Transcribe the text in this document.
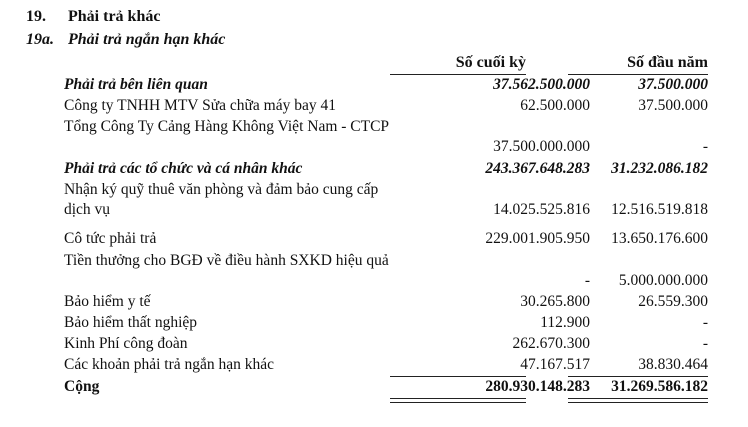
19. Phải trả khác
19a. Phải trả ngắn hạn khác
Số cuối kỳ	Số đầu năm
Phải trả bên liên quan	37.562.500.000	37.500.000
Công ty TNHH MTV Sửa chữa máy bay 41	62.500.000	37.500.000
Tổng Công Ty Cảng Hàng Không Việt Nam - CTCP
37.500.000.000	-
Phải trả các tổ chức và cá nhân khác	243.367.648.283	31.232.086.182
Nhận ký quỹ thuê văn phòng và đảm bảo cung cấp dịch vụ	14.025.525.816	12.516.519.818
Cô tức phải trả	229.001.905.950	13.650.176.600
Tiền thưởng cho BGĐ về điều hành SXKD hiệu quả
-	5.000.000.000
Bảo hiểm y tế	30.265.800	26.559.300
Bảo hiểm thất nghiệp	112.900	-
Kinh Phí công đoàn	262.670.300	-
Các khoản phải trả ngắn hạn khác	47.167.517	38.830.464
Cộng	280.930.148.283	31.269.586.182
